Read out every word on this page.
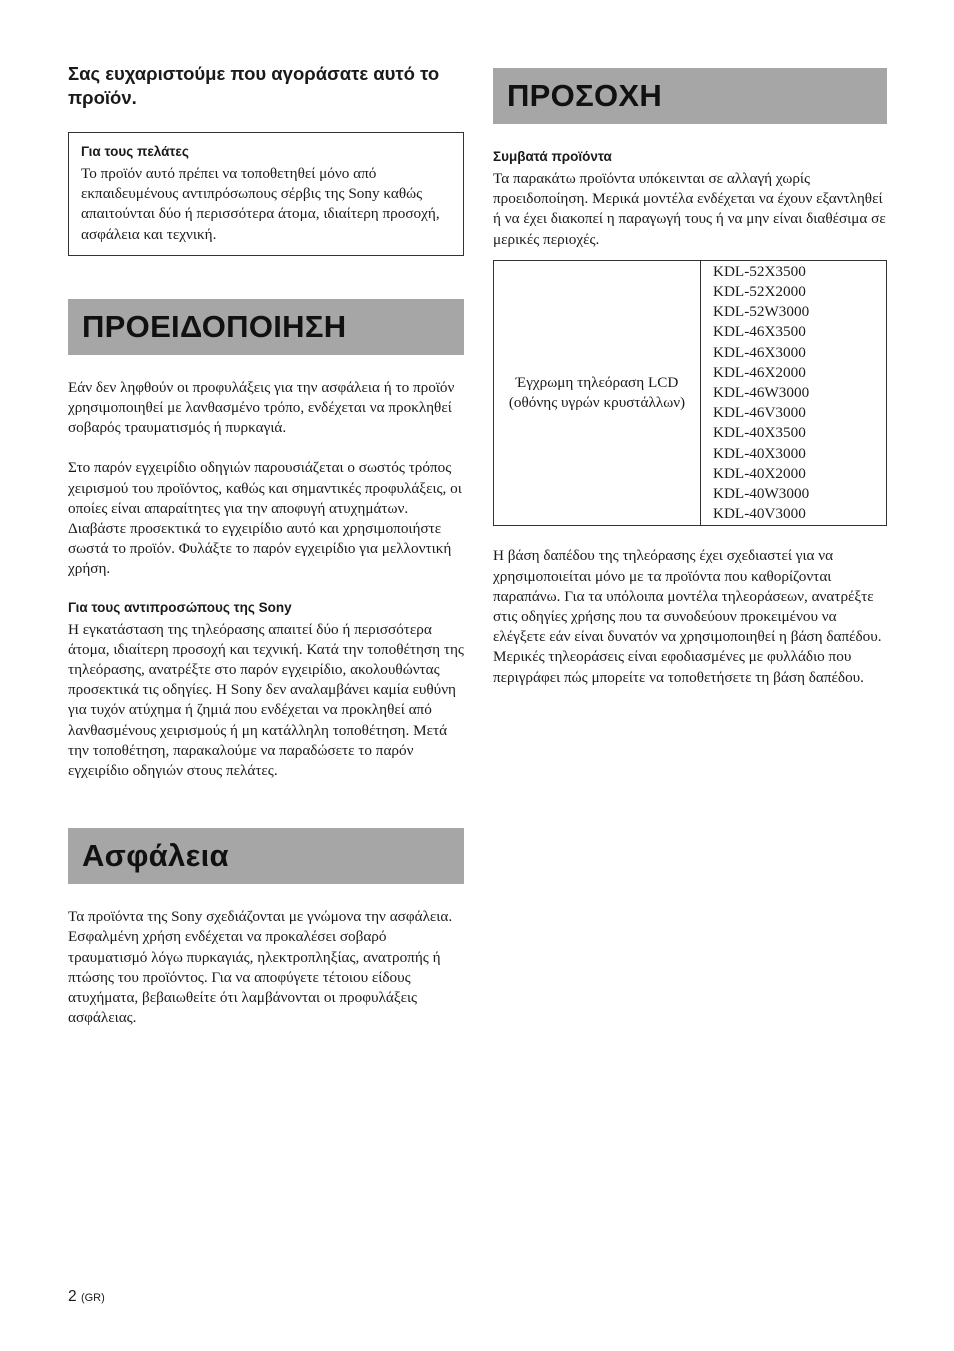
Σας ευχαριστούμε που αγοράσατε αυτό το προϊόν.

Για τους πελάτες

Το προϊόν αυτό πρέπει να τοποθετηθεί μόνο από εκπαιδευμένους αντιπρόσωπους σέρβις της Sony καθώς απαιτούνται δύο ή περισσότερα άτομα, ιδιαίτερη προσοχή, ασφάλεια και τεχνική.

ΠΡΟΕΙΔΟΠΟΙΗΣΗ

Εάν δεν ληφθούν οι προφυλάξεις για την ασφάλεια ή το προϊόν χρησιμοποιηθεί με λανθασμένο τρόπο, ενδέχεται να προκληθεί σοβαρός τραυματισμός ή πυρκαγιά.

Στο παρόν εγχειρίδιο οδηγιών παρουσιάζεται ο σωστός τρόπος χειρισμού του προϊόντος, καθώς και σημαντικές προφυλάξεις, οι οποίες είναι απαραίτητες για την αποφυγή ατυχημάτων. Διαβάστε προσεκτικά το εγχειρίδιο αυτό και χρησιμοποιήστε σωστά το προϊόν. Φυλάξτε το παρόν εγχειρίδιο για μελλοντική χρήση.

Για τους αντιπροσώπους της Sony

Η εγκατάσταση της τηλεόρασης απαιτεί δύο ή περισσότερα άτομα, ιδιαίτερη προσοχή και τεχνική. Κατά την τοποθέτηση της τηλεόρασης, ανατρέξτε στο παρόν εγχειρίδιο, ακολουθώντας προσεκτικά τις οδηγίες. Η Sony δεν αναλαμβάνει καμία ευθύνη για τυχόν ατύχημα ή ζημιά που ενδέχεται να προκληθεί από λανθασμένους χειρισμούς ή μη κατάλληλη τοποθέτηση. Μετά την τοποθέτηση, παρακαλούμε να παραδώσετε το παρόν εγχειρίδιο οδηγιών στους πελάτες.

Ασφάλεια

Τα προϊόντα της Sony σχεδιάζονται με γνώμονα την ασφάλεια. Εσφαλμένη χρήση ενδέχεται να προκαλέσει σοβαρό τραυματισμό λόγω πυρκαγιάς, ηλεκτροπληξίας, ανατροπής ή πτώσης του προϊόντος. Για να αποφύγετε τέτοιου είδους ατυχήματα, βεβαιωθείτε ότι λαμβάνονται οι προφυλάξεις ασφάλειας.

ΠΡΟΣΟΧΗ

Συμβατά προϊόντα

Τα παρακάτω προϊόντα υπόκεινται σε αλλαγή χωρίς προειδοποίηση. Μερικά μοντέλα ενδέχεται να έχουν εξαντληθεί ή να έχει διακοπεί η παραγωγή τους ή να μην είναι διαθέσιμα σε μερικές περιοχές.

Έγχρωμη τηλεόραση LCD (οθόνης υγρών κρυστάλλων)	
KDL-52X3500
KDL-52X2000
KDL-52W3000
KDL-46X3500
KDL-46X3000
KDL-46X2000
KDL-46W3000
KDL-46V3000
KDL-40X3500
KDL-40X3000
KDL-40X2000
KDL-40W3000
KDL-40V3000

Η βάση δαπέδου της τηλεόρασης έχει σχεδιαστεί για να χρησιμοποιείται μόνο με τα προϊόντα που καθορίζονται παραπάνω. Για τα υπόλοιπα μοντέλα τηλεοράσεων, ανατρέξτε στις οδηγίες χρήσης που τα συνοδεύουν προκειμένου να ελέγξετε εάν είναι δυνατόν να χρησιμοποιηθεί η βάση δαπέδου.

Μερικές τηλεοράσεις είναι εφοδιασμένες με φυλλάδιο που περιγράφει πώς μπορείτε να τοποθετήσετε τη βάση δαπέδου.

2 (GR)
